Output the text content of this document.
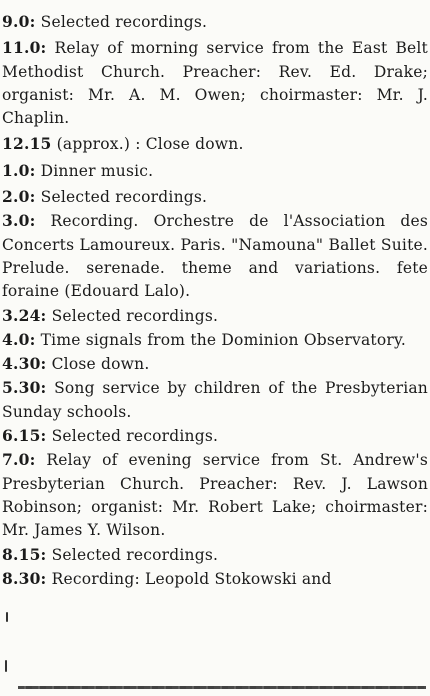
9.0: Selected recordings.

11.0: Relay of morning service from the East Belt Methodist Church. Preacher: Rev. Ed. Drake; organist: Mr. A. M. Owen; choirmaster: Mr. J. Chaplin.

12.15 (approx.) : Close down.

1.0: Dinner music.

2.0: Selected recordings.

3.0: Recording. Orchestre de l'Association des Concerts Lamoureux. Paris. "Namouna" Ballet Suite. Prelude. serenade. theme and variations. fete foraine (Edouard Lalo).

3.24: Selected recordings.

4.0: Time signals from the Dominion Observatory.

4.30: Close down.

5.30: Song service by children of the Presbyterian Sunday schools.

6.15: Selected recordings.

7.0: Relay of evening service from St. Andrew's Presbyterian Church. Preacher: Rev. J. Lawson Robinson; organist: Mr. Robert Lake; choirmaster: Mr. James Y. Wilson.

8.15: Selected recordings.

8.30: Recording: Leopold Stokowski and
